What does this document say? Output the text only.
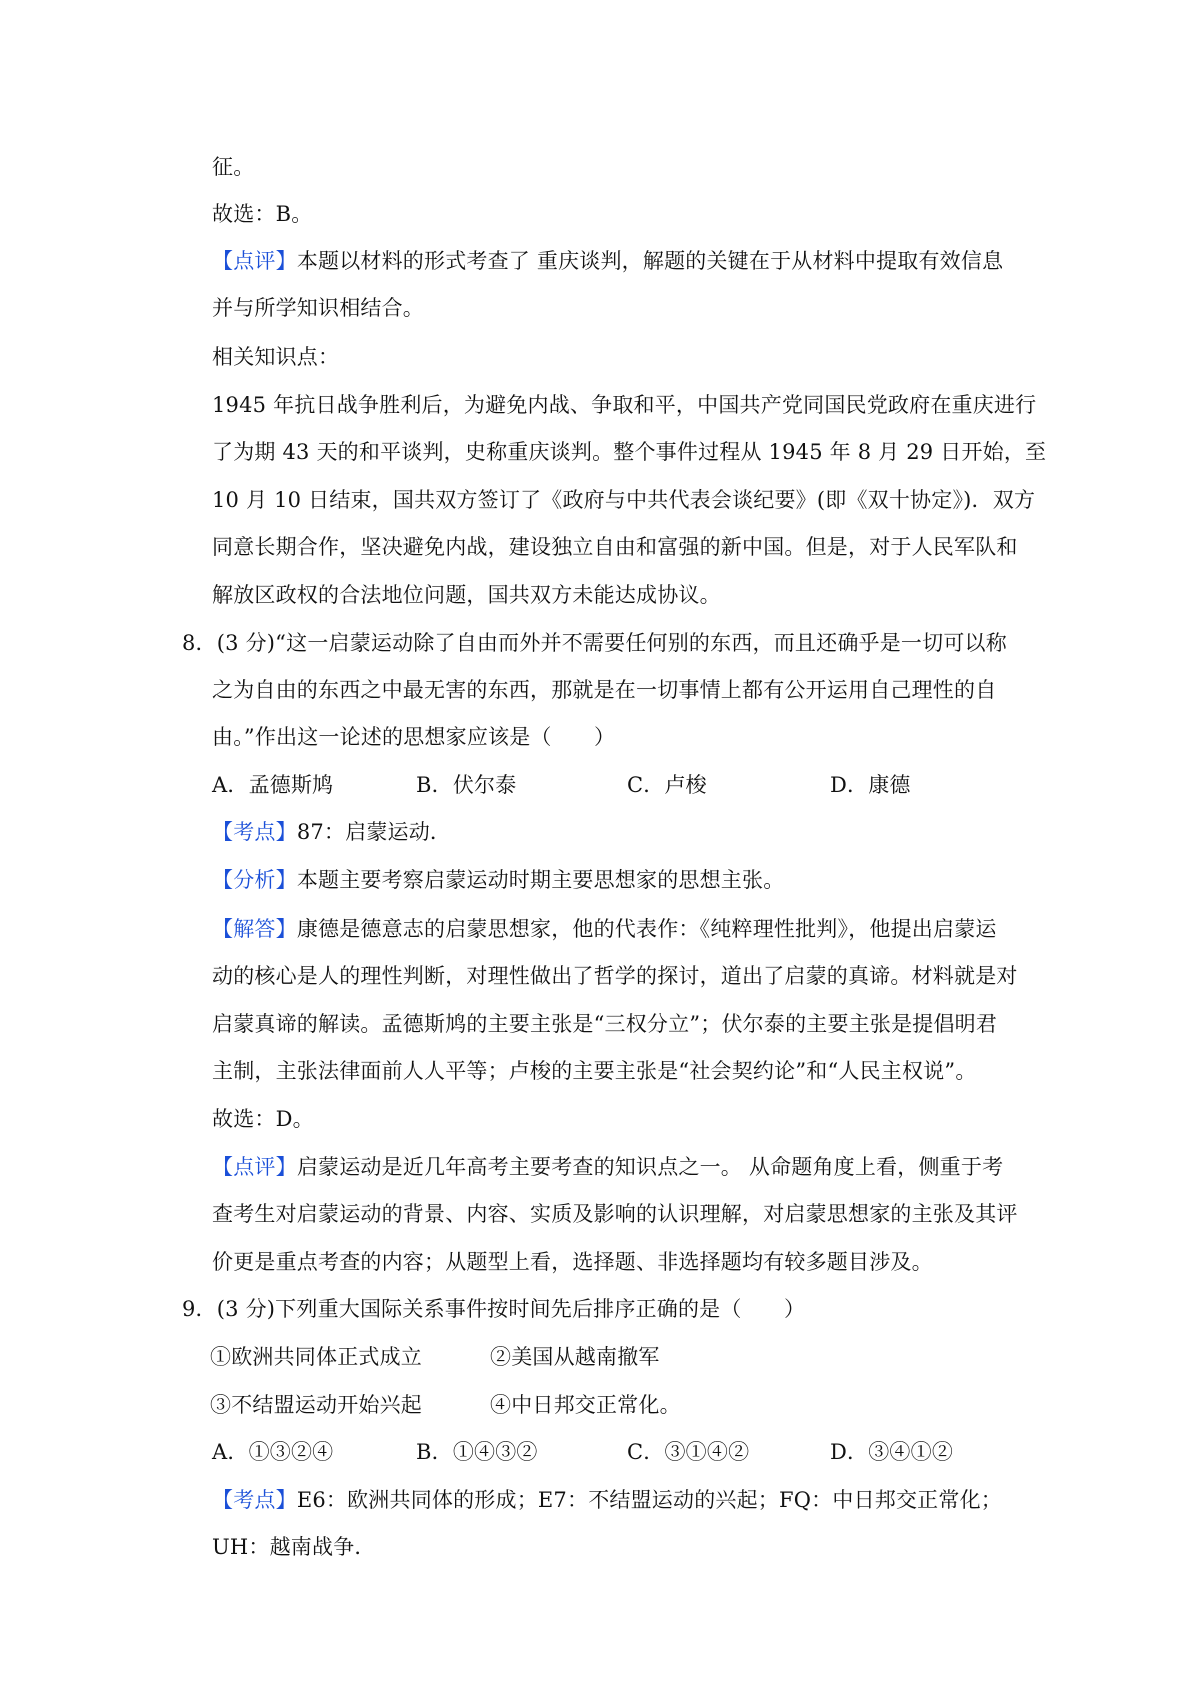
征。
故选：B。
【点评】本题以材料的形式考查了 重庆谈判，解题的关键在于从材料中提取有效信息
并与所学知识相结合。
相关知识点：
1945 年抗日战争胜利后，为避免内战、争取和平，中国共产党同国民党政府在重庆进行
了为期 43 天的和平谈判，史称重庆谈判。整个事件过程从 1945 年 8 月 29 日开始，至
10 月 10 日结束，国共双方签订了《政府与中共代表会谈纪要》(即《双十协定》)．双方
同意长期合作，坚决避免内战，建设独立自由和富强的新中国。但是，对于人民军队和
解放区政权的合法地位问题，国共双方未能达成协议。
8．(3 分)“这一启蒙运动除了自由而外并不需要任何别的东西，而且还确乎是一切可以称
之为自由的东西之中最无害的东西，那就是在一切事情上都有公开运用自己理性的自
由。”作出这一论述的思想家应该是（　　）
A．孟德斯鸠	B．伏尔泰	C．卢梭	D．康德
【考点】87：启蒙运动．
【分析】本题主要考察启蒙运动时期主要思想家的思想主张。
【解答】康德是德意志的启蒙思想家，他的代表作：《纯粹理性批判》，他提出启蒙运
动的核心是人的理性判断，对理性做出了哲学的探讨，道出了启蒙的真谛。材料就是对
启蒙真谛的解读。孟德斯鸠的主要主张是“三权分立”；伏尔泰的主要主张是提倡明君
主制，主张法律面前人人平等；卢梭的主要主张是“社会契约论”和“人民主权说”。
故选：D。
【点评】启蒙运动是近几年高考主要考查的知识点之一。 从命题角度上看，侧重于考
查考生对启蒙运动的背景、内容、实质及影响的认识理解，对启蒙思想家的主张及其评
价更是重点考查的内容；从题型上看，选择题、非选择题均有较多题目涉及。
9．(3 分)下列重大国际关系事件按时间先后排序正确的是（　　）
①欧洲共同体正式成立	②美国从越南撤军
③不结盟运动开始兴起	④中日邦交正常化。
A．①③②④	B．①④③②	C．③①④②	D．③④①②
【考点】E6：欧洲共同体的形成；E7：不结盟运动的兴起；FQ：中日邦交正常化；
UH：越南战争．
